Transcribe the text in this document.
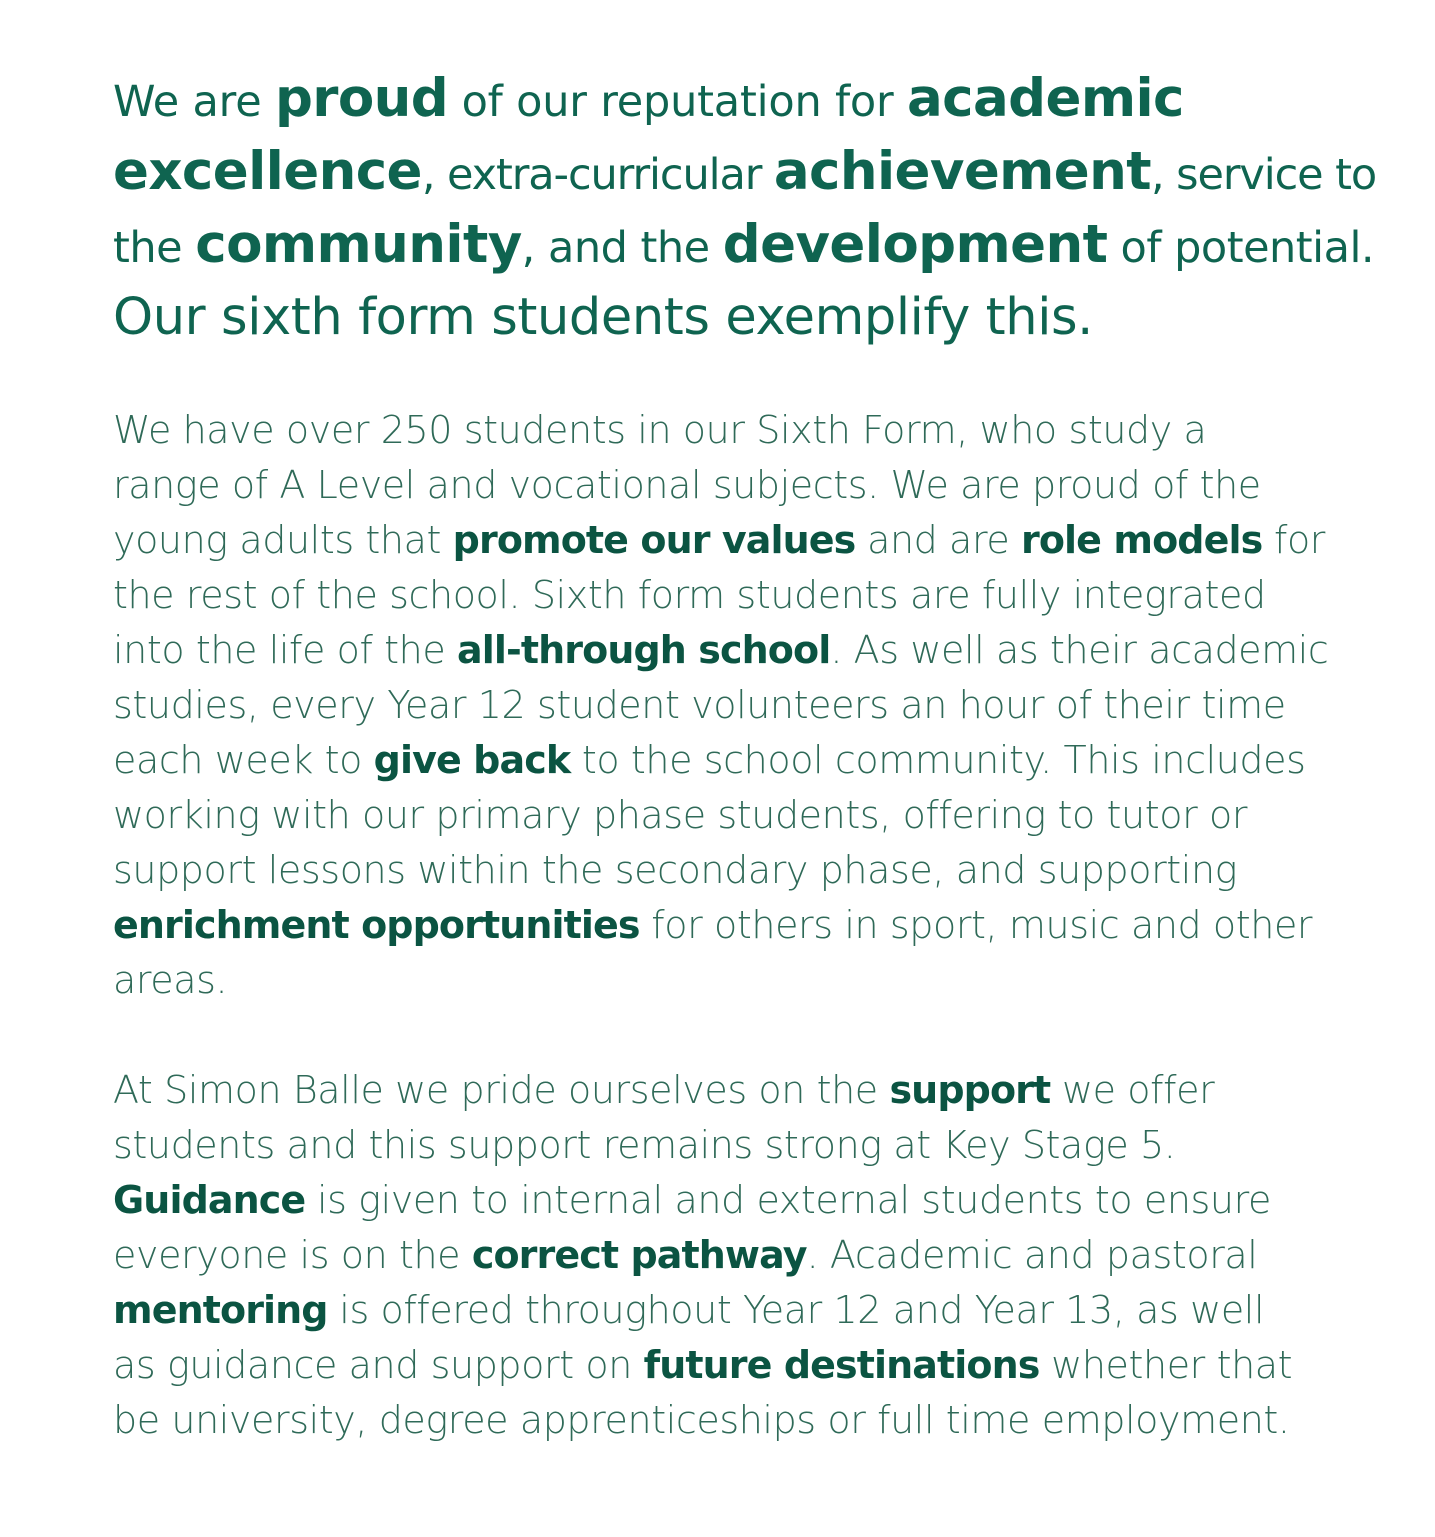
We are proud of our reputation for academic
excellence, extra-curricular achievement, service to
the community, and the development of potential.
Our sixth form students exemplify this.

We have over 250 students in our Sixth Form, who study a
range of A Level and vocational subjects. We are proud of the
young adults that promote our values and are role models for
the rest of the school. Sixth form students are fully integrated
into the life of the all-through school. As well as their academic
studies, every Year 12 student volunteers an hour of their time
each week to give back to the school community. This includes
working with our primary phase students, offering to tutor or
support lessons within the secondary phase, and supporting
enrichment opportunities for others in sport, music and other
areas.

At Simon Balle we pride ourselves on the support we offer
students and this support remains strong at Key Stage 5.
Guidance is given to internal and external students to ensure
everyone is on the correct pathway. Academic and pastoral
mentoring is offered throughout Year 12 and Year 13, as well
as guidance and support on future destinations whether that
be university, degree apprenticeships or full time employment.
